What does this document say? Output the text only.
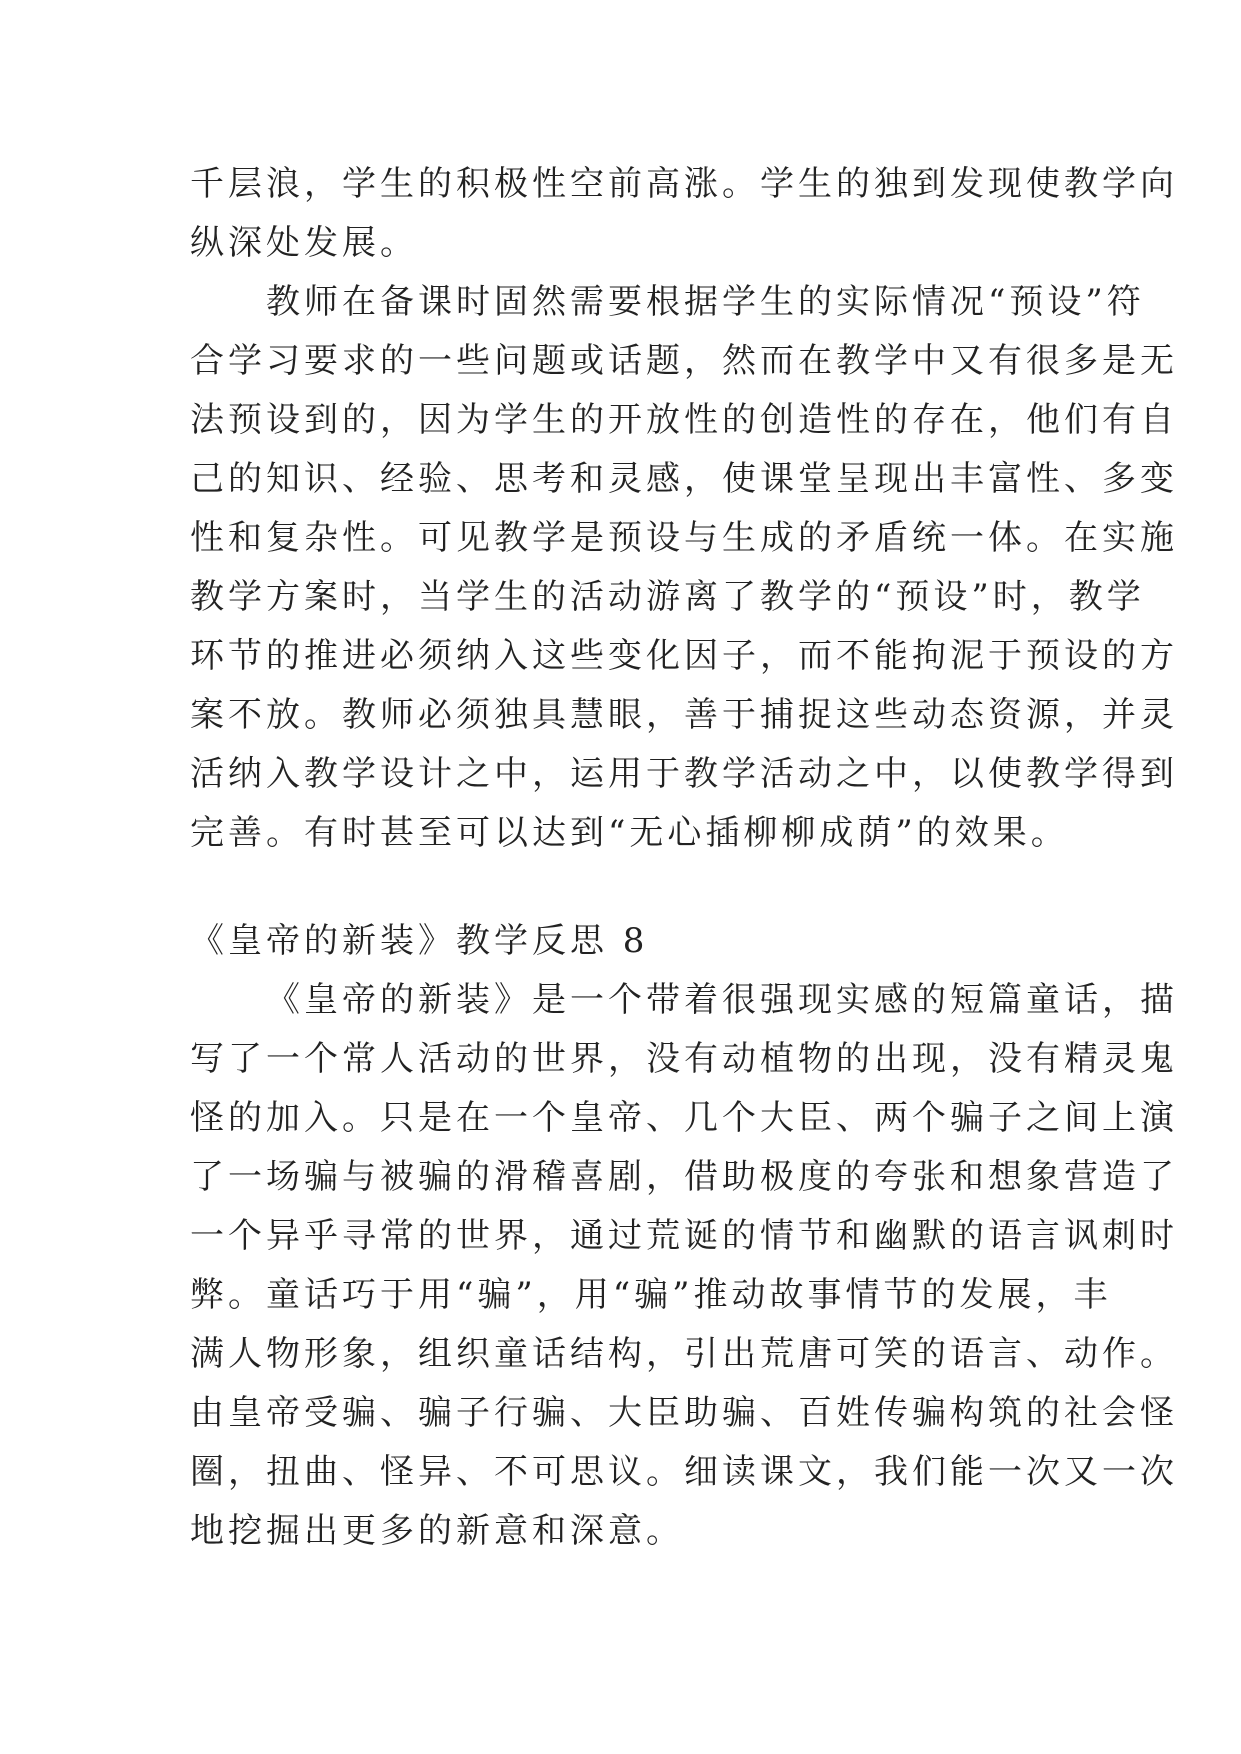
千层浪，学生的积极性空前高涨。学生的独到发现使教学向
纵深处发展。
教师在备课时固然需要根据学生的实际情况“预设”符
合学习要求的一些问题或话题，然而在教学中又有很多是无
法预设到的，因为学生的开放性的创造性的存在，他们有自
己的知识、经验、思考和灵感，使课堂呈现出丰富性、多变
性和复杂性。可见教学是预设与生成的矛盾统一体。在实施
教学方案时，当学生的活动游离了教学的“预设”时，教学
环节的推进必须纳入这些变化因子，而不能拘泥于预设的方
案不放。教师必须独具慧眼，善于捕捉这些动态资源，并灵
活纳入教学设计之中，运用于教学活动之中，以使教学得到
完善。有时甚至可以达到“无心插柳柳成荫”的效果。
《皇帝的新装》教学反思 8
《皇帝的新装》是一个带着很强现实感的短篇童话，描
写了一个常人活动的世界，没有动植物的出现，没有精灵鬼
怪的加入。只是在一个皇帝、几个大臣、两个骗子之间上演
了一场骗与被骗的滑稽喜剧，借助极度的夸张和想象营造了
一个异乎寻常的世界，通过荒诞的情节和幽默的语言讽刺时
弊。童话巧于用“骗”，用“骗”推动故事情节的发展，丰
满人物形象，组织童话结构，引出荒唐可笑的语言、动作。
由皇帝受骗、骗子行骗、大臣助骗、百姓传骗构筑的社会怪
圈，扭曲、怪异、不可思议。细读课文，我们能一次又一次
地挖掘出更多的新意和深意。
